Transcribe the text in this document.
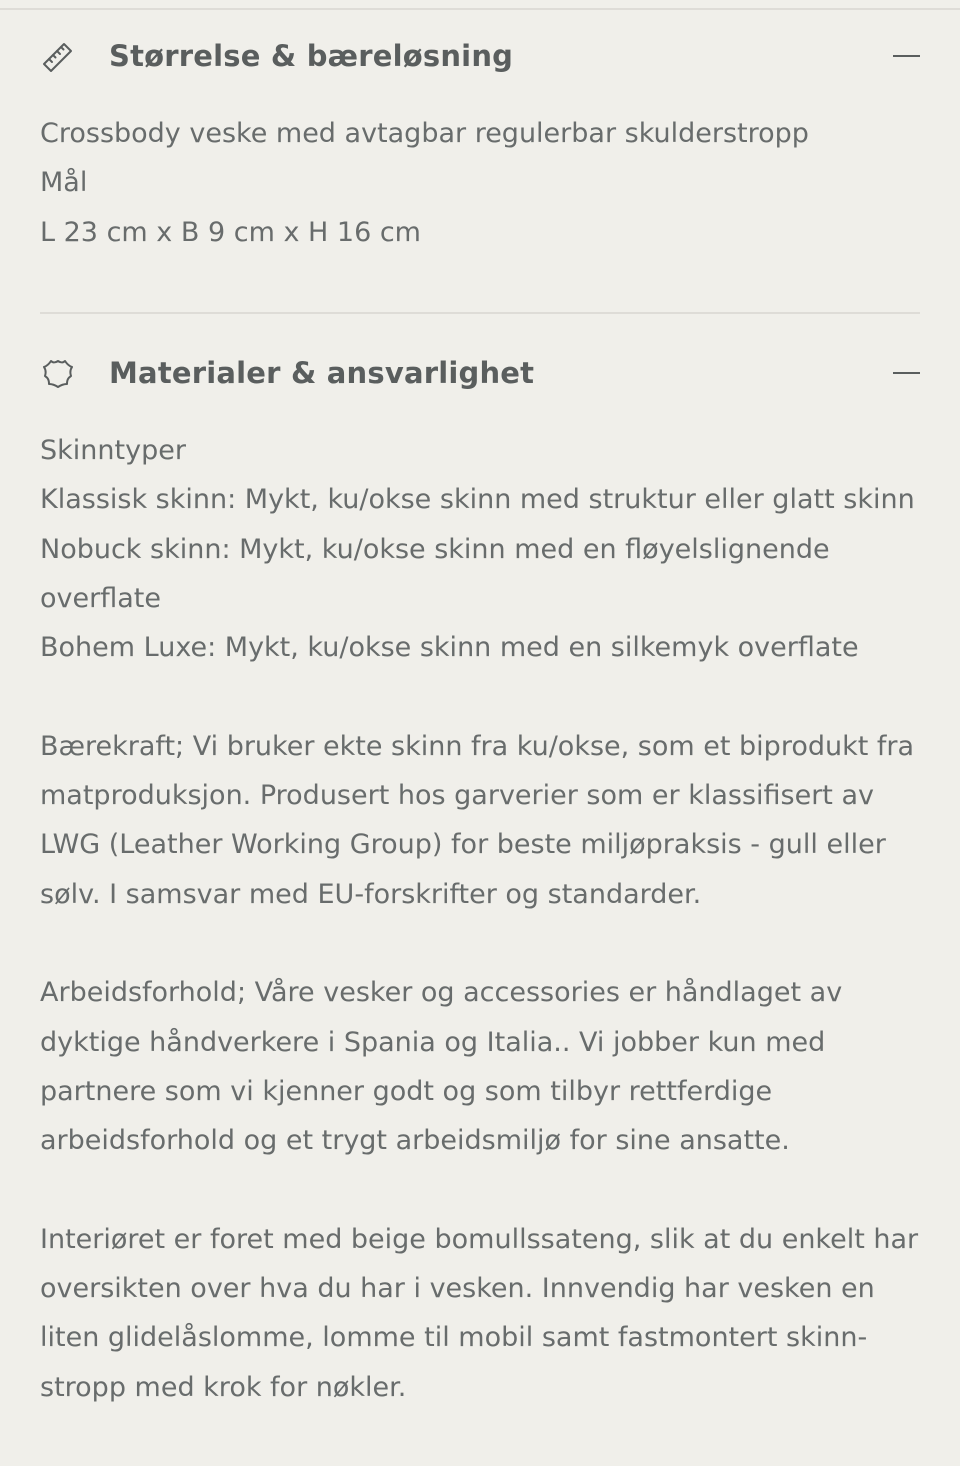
Størrelse & bæreløsning
Crossbody veske med avtagbar regulerbar skulderstropp
Mål
L 23 cm x B 9 cm x H 16 cm
Materialer & ansvarlighet
Skinntyper
Klassisk skinn: Mykt, ku/okse skinn med struktur eller glatt skinn
Nobuck skinn: Mykt, ku/okse skinn med en fløyelslignende
overflate
Bohem Luxe: Mykt, ku/okse skinn med en silkemyk overflate
Bærekraft; Vi bruker ekte skinn fra ku/okse, som et biprodukt fra
matproduksjon. Produsert hos garverier som er klassifisert av
LWG (Leather Working Group) for beste miljøpraksis - gull eller
sølv. I samsvar med EU-forskrifter og standarder.
Arbeidsforhold; Våre vesker og accessories er håndlaget av
dyktige håndverkere i Spania og Italia.. Vi jobber kun med
partnere som vi kjenner godt og som tilbyr rettferdige
arbeidsforhold og et trygt arbeidsmiljø for sine ansatte.
Interiøret er foret med beige bomullssateng, slik at du enkelt har
oversikten over hva du har i vesken. Innvendig har vesken en
liten glidelåslomme, lomme til mobil samt fastmontert skinn-
stropp med krok for nøkler.
